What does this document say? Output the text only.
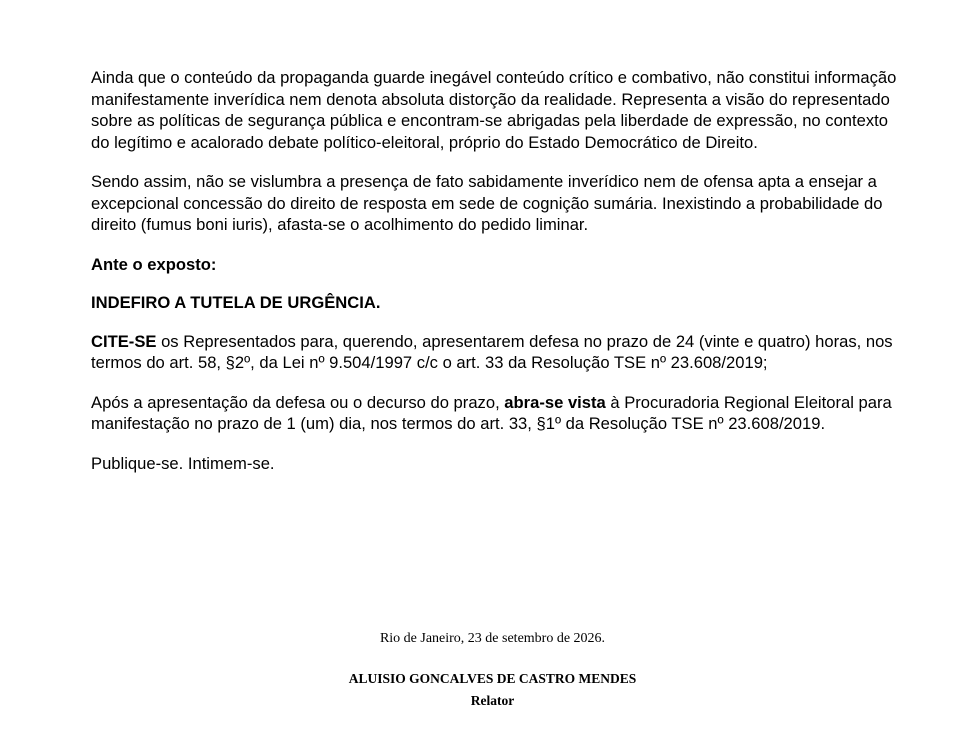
Ainda que o conteúdo da propaganda guarde inegável conteúdo crítico e combativo, não constitui informação manifestamente inverídica nem denota absoluta distorção da realidade. Representa a visão do representado sobre as políticas de segurança pública e encontram-se abrigadas pela liberdade de expressão, no contexto do legítimo e acalorado debate político-eleitoral, próprio do Estado Democrático de Direito.

Sendo assim, não se vislumbra a presença de fato sabidamente inverídico nem de ofensa apta a ensejar a excepcional concessão do direito de resposta em sede de cognição sumária. Inexistindo a probabilidade do direito (fumus boni iuris), afasta-se o acolhimento do pedido liminar.

Ante o exposto:

INDEFIRO A TUTELA DE URGÊNCIA.

CITE-SE os Representados para, querendo, apresentarem defesa no prazo de 24 (vinte e quatro) horas, nos termos do art. 58, §2º, da Lei nº 9.504/1997 c/c o art. 33 da Resolução TSE nº 23.608/2019;

Após a apresentação da defesa ou o decurso do prazo, abra-se vista à Procuradoria Regional Eleitoral para manifestação no prazo de 1 (um) dia, nos termos do art. 33, §1º da Resolução TSE nº 23.608/2019.

Publique-se. Intimem-se.

Rio de Janeiro, 23 de setembro de 2026.
ALUISIO GONCALVES DE CASTRO MENDES
Relator
